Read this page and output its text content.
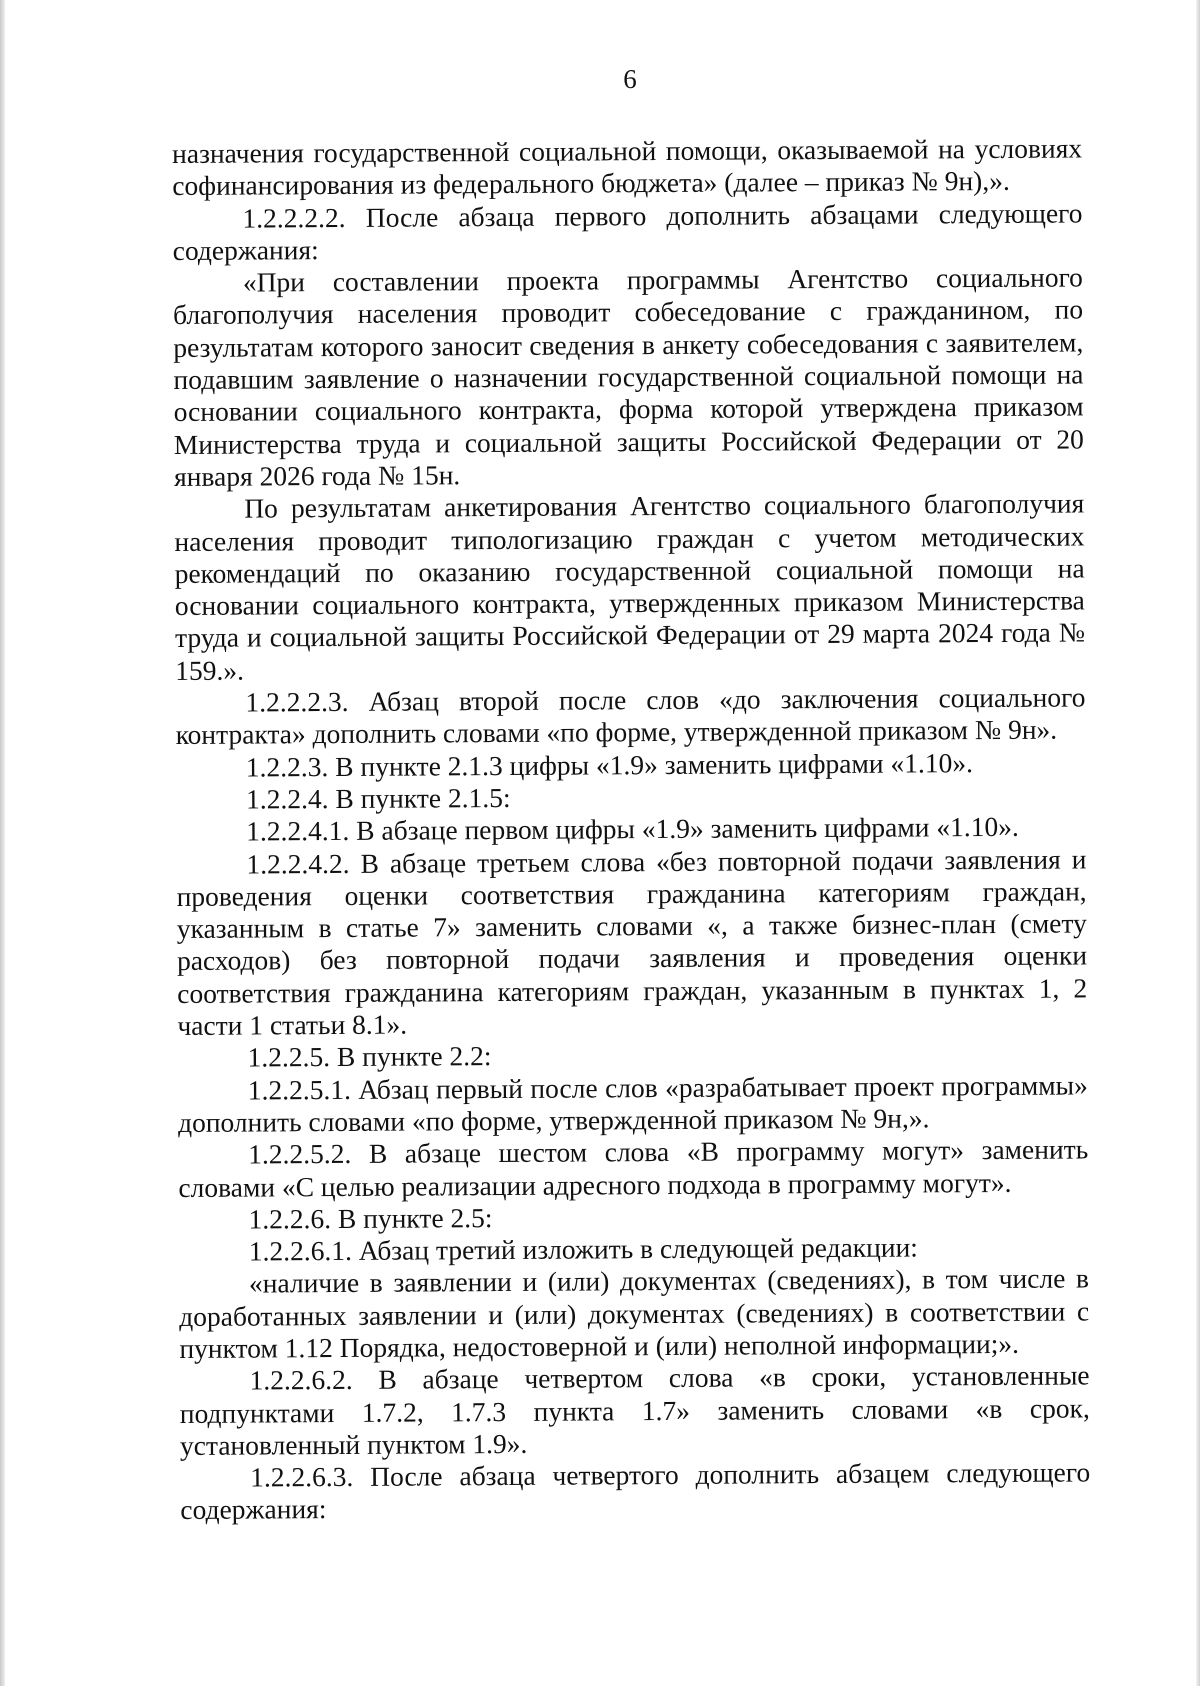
6

назначения государственной социальной помощи, оказываемой на условиях софинансирования из федерального бюджета» (далее – приказ № 9н),».

1.2.2.2.2. После абзаца первого дополнить абзацами следующего содержания:

«При составлении проекта программы Агентство социального благополучия населения проводит собеседование с гражданином, по результатам которого заносит сведения в анкету собеседования с заявителем, подавшим заявление о назначении государственной социальной помощи на основании социального контракта, форма которой утверждена приказом Министерства труда и социальной защиты Российской Федерации от 20 января 2026 года № 15н.

По результатам анкетирования Агентство социального благополучия населения проводит типологизацию граждан с учетом методических рекомендаций по оказанию государственной социальной помощи на основании социального контракта, утвержденных приказом Министерства труда и социальной защиты Российской Федерации от 29 марта 2024 года № 159.».

1.2.2.2.3. Абзац второй после слов «до заключения социального контракта» дополнить словами «по форме, утвержденной приказом № 9н».

1.2.2.3. В пункте 2.1.3 цифры «1.9» заменить цифрами «1.10».

1.2.2.4. В пункте 2.1.5:

1.2.2.4.1. В абзаце первом цифры «1.9» заменить цифрами «1.10».

1.2.2.4.2. В абзаце третьем слова «без повторной подачи заявления и проведения оценки соответствия гражданина категориям граждан, указанным в статье 7» заменить словами «, а также бизнес-план (смету расходов) без повторной подачи заявления и проведения оценки соответствия гражданина категориям граждан, указанным в пунктах 1, 2 части 1 статьи 8.1».

1.2.2.5. В пункте 2.2:

1.2.2.5.1. Абзац первый после слов «разрабатывает проект программы» дополнить словами «по форме, утвержденной приказом № 9н,».

1.2.2.5.2. В абзаце шестом слова «В программу могут» заменить словами «С целью реализации адресного подхода в программу могут».

1.2.2.6. В пункте 2.5:

1.2.2.6.1. Абзац третий изложить в следующей редакции:

«наличие в заявлении и (или) документах (сведениях), в том числе в доработанных заявлении и (или) документах (сведениях) в соответствии с пунктом 1.12 Порядка, недостоверной и (или) неполной информации;».

1.2.2.6.2. В абзаце четвертом слова «в сроки, установленные подпунктами 1.7.2, 1.7.3 пункта 1.7» заменить словами «в срок, установленный пунктом 1.9».

1.2.2.6.3. После абзаца четвертого дополнить абзацем следующего содержания:
